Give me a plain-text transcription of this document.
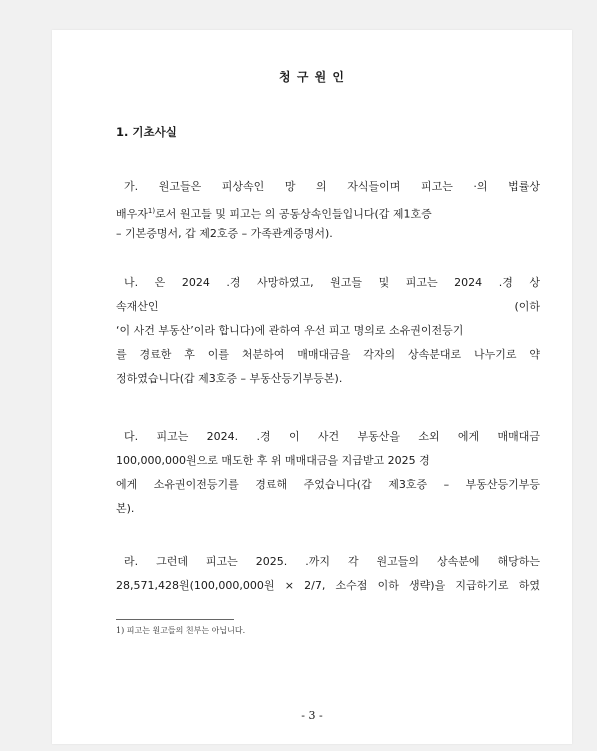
청 구 원 인
1. 기초사실
가. 원고들은 피상속인 망 의 자식들이며 피고는 ·의 법률상
배우자$^{1)}$로서 원고들 및 피고는 의 공동상속인들입니다(갑 제1호증
– 기본증명서, 갑 제2호증 – 가족관계증명서).
나. 은 2024 .경 사망하였고, 원고들 및 피고는 2024 .경 상
속재산인	(이하
‘이 사건 부동산’이라 합니다)에 관하여 우선 피고 명의로 소유권이전등기
를 경료한 후 이를 처분하여 매매대금을 각자의 상속분대로 나누기로 약
정하였습니다(갑 제3호증 – 부동산등기부등본).
다. 피고는 2024. .경 이 사건 부동산을 소외 에게 매매대금
100,000,000원으로 매도한 후 위 매매대금을 지급받고 2025 경
에게 소유권이전등기를 경료해 주었습니다(갑 제3호증 – 부동산등기부등
본).
라. 그런데 피고는 2025. .까지 각 원고들의 상속분에 해당하는
28,571,428원(100,000,000원 × 2/7, 소수점 이하 생략)을 지급하기로 하였
1) 피고는 원고들의 친부는 아닙니다.
- 3 -
